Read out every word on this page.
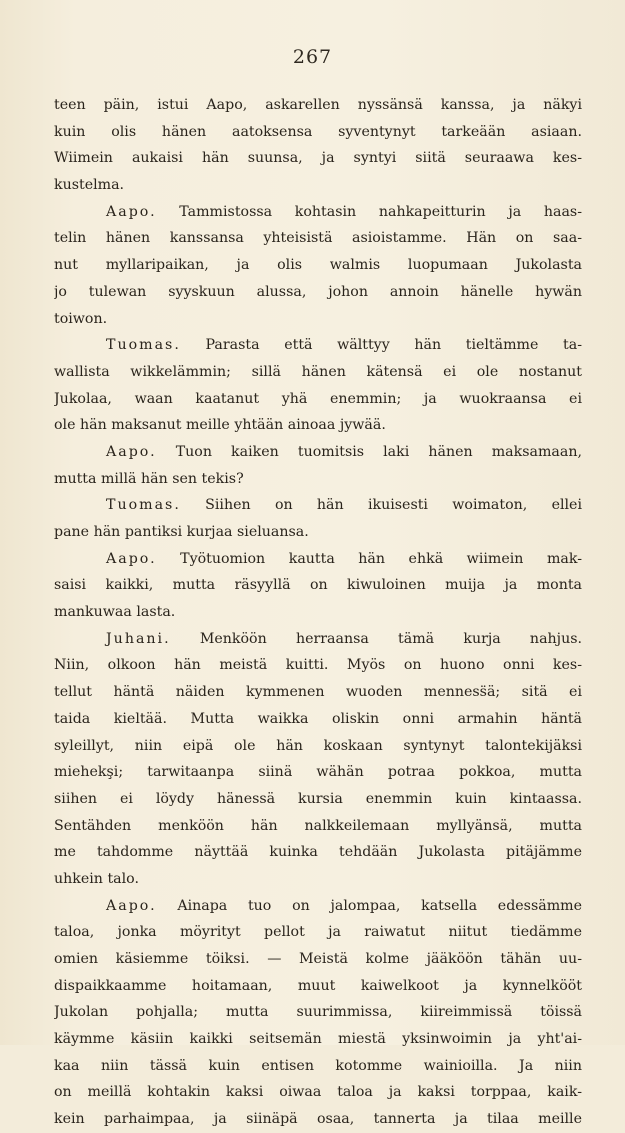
267
teen päin, istui Aapo, askarellen nyssänsä kanssa, ja näkyi
kuin olis hänen aatoksensa syventynyt tarkeään asiaan.
Wiimein aukaisi hän suunsa, ja syntyi siitä seuraawa kes-
kustelma.
Aapo. Tammistossa kohtasin nahkapeitturin ja haas-
telin hänen kanssansa yhteisistä asioistamme. Hän on saa-
nut myllaripaikan, ja olis walmis luopumaan Jukolasta
jo tulewan syyskuun alussa, johon annoin hänelle hywän
toiwon.
Tuomas. Parasta että wälttyy hän tieltämme ta-
wallista wikkelämmin; sillä hänen kätensä ei ole nostanut
Jukolaa, waan kaatanut yhä enemmin; ja wuokraansa ei
ole hän maksanut meille yhtään ainoaa jywää.
Aapo. Tuon kaiken tuomitsis laki hänen maksamaan,
mutta millä hän sen tekis?
Tuomas. Siihen on hän ikuisesti woimaton, ellei
pane hän pantiksi kurjaa sieluansa.
Aapo. Työtuomion kautta hän ehkä wiimein mak-
saisi kaikki, mutta räsyyllä on kiwuloinen muija ja monta
mankuwaa lasta.
Juhani. Menköön herraansa tämä kurja nahjus.
Niin, olkoon hän meistä kuitti. Myös on huono onni kes-
tellut häntä näiden kymmenen wuoden menness̈ä; sitä ei
taida kieltää. Mutta waikka oliskin onni armahin häntä
syleillyt, niin eipä ole hän koskaan syntynyt talontekijäksi
miehekşi; tarwitaanpa siinä wähän potraa pokkoa, mutta
siihen ei löydy hänessä kursia enemmin kuin kintaassa.
Sentähden menköön hän nalkkeilemaan myllyänsä, mutta
me tahdomme näyttää kuinka tehdään Jukolasta pitäjämme
uhkein talo.
Aapo. Ainapa tuo on jalompaa, katsella edessämme
taloa, jonka möyrityt pellot ja raiwatut niitut tiedämme
omien käsiemme töiksi. — Meistä kolme jääköön tähän uu-
dispaikkaamme hoitamaan, muut kaiwelkoot ja kynnelkööt
Jukolan pohjalla; mutta suurimmissa, kiireimmissä töissä
käymme käsiin kaikki seitsemän miestä yksinwoimin ja yht'ai-
kaa niin tässä kuin entisen kotomme wainioilla. Ja niin
on meillä kohtakin kaksi oiwaa taloa ja kaksi torppaa, kaik-
kein parhaimpaa, ja siinäpä osaa, tannerta ja tilaa meille
